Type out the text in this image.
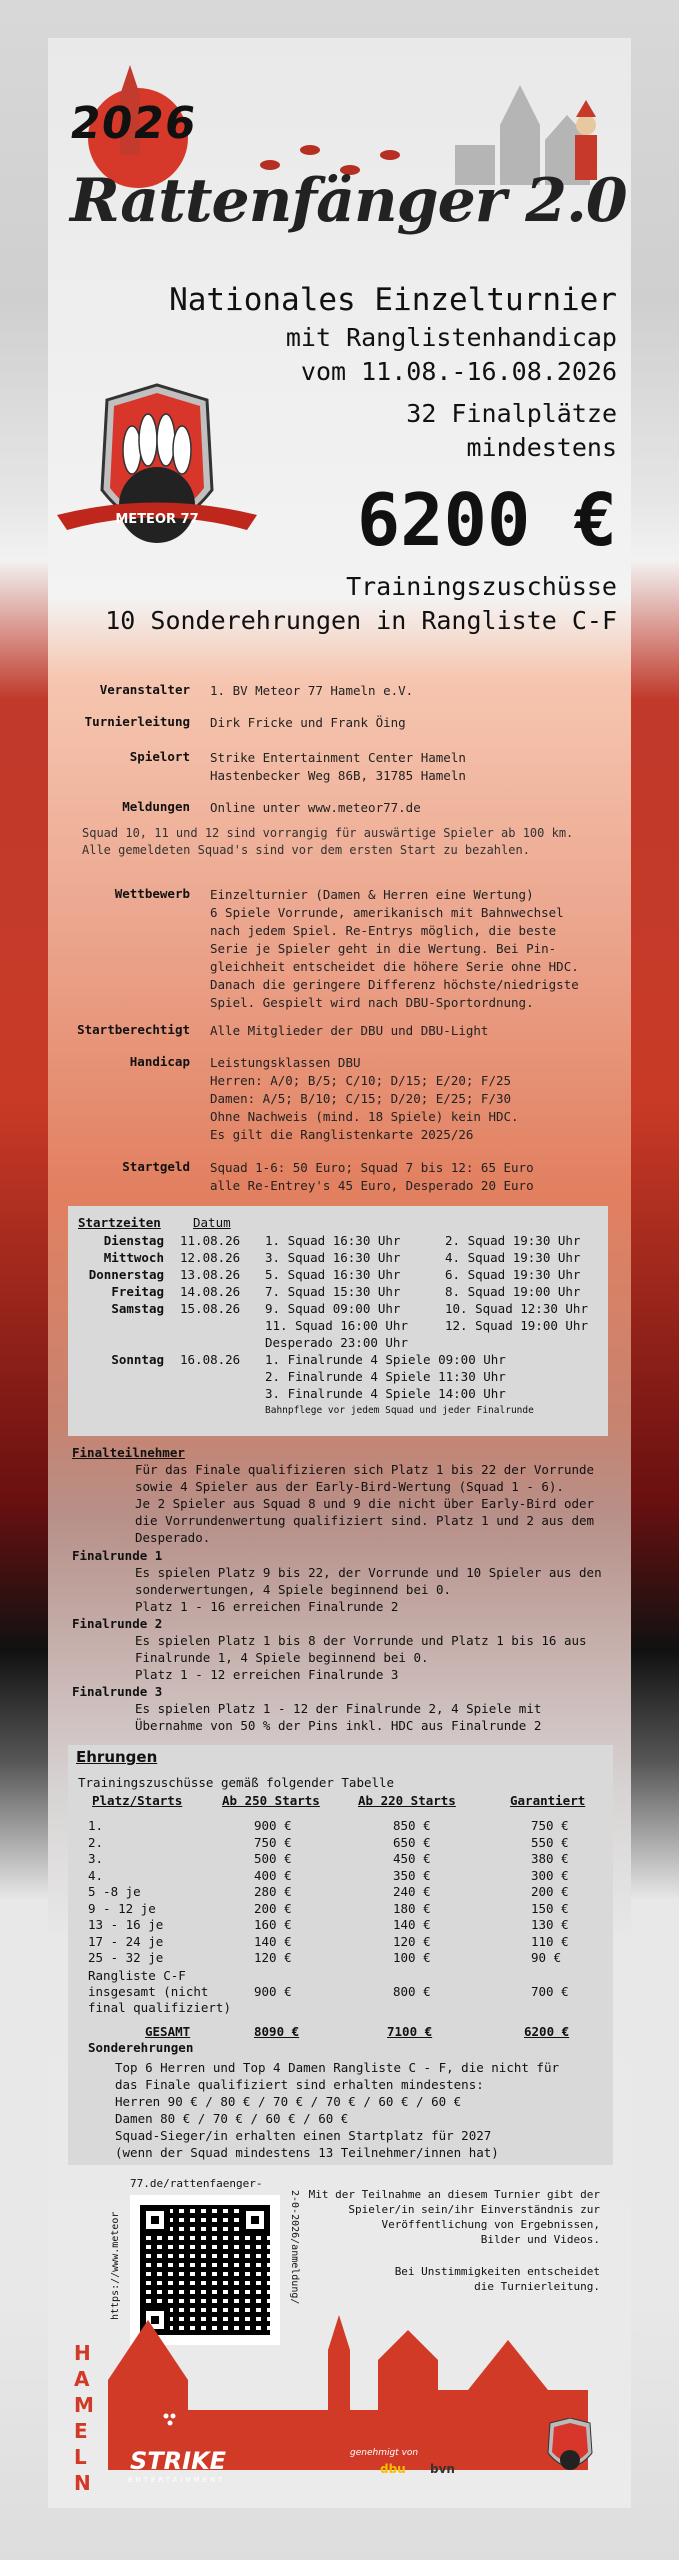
2026
Rattenfänger 2.0
Nationales Einzelturnier
mit Ranglistenhandicap
vom 11.08.-16.08.2026
32 Finalplätze
mindestens
6200 €
METEOR 77
Trainingszuschüsse
10 Sonderehrungen in Rangliste C-F
Veranstalter 1. BV Meteor 77 Hameln e.V.
Turnierleitung Dirk Fricke und Frank Öing
Spielort Strike Entertainment Center Hameln
Hastenbecker Weg 86B, 31785 Hameln
Meldungen Online unter www.meteor77.de
Squad 10, 11 und 12 sind vorrangig für auswärtige Spieler ab 100 km.
Alle gemeldeten Squad's sind vor dem ersten Start zu bezahlen.
Wettbewerb Einzelturnier (Damen & Herren eine Wertung)
6 Spiele Vorrunde, amerikanisch mit Bahnwechsel
nach jedem Spiel. Re-Entrys möglich, die beste
Serie je Spieler geht in die Wertung. Bei Pin-
gleichheit entscheidet die höhere Serie ohne HDC.
Danach die geringere Differenz höchste/niedrigste
Spiel. Gespielt wird nach DBU-Sportordnung.
Startberechtigt Alle Mitglieder der DBU und DBU-Light
Handicap Leistungsklassen DBU
Herren: A/0; B/5; C/10; D/15; E/20; F/25
Damen: A/5; B/10; C/15; D/20; E/25; F/30
Ohne Nachweis (mind. 18 Spiele) kein HDC.
Es gilt die Ranglistenkarte 2025/26
Startgeld Squad 1-6: 50 Euro; Squad 7 bis 12: 65 Euro
alle Re-Entrey's 45 Euro, Desperado 20 Euro
Startzeiten	Datum
Dienstag 11.08.26 1. Squad 16:30 Uhr	2. Squad 19:30 Uhr
Mittwoch 12.08.26 3. Squad 16:30 Uhr	4. Squad 19:30 Uhr
Donnerstag 13.08.26 5. Squad 16:30 Uhr	6. Squad 19:30 Uhr
Freitag 14.08.26 7. Squad 15:30 Uhr	8. Squad 19:00 Uhr
Samstag 15.08.26 9. Squad 09:00 Uhr	10. Squad 12:30 Uhr
11. Squad 16:00 Uhr	12. Squad 19:00 Uhr
Desperado 23:00 Uhr
Sonntag 16.08.26 1. Finalrunde 4 Spiele 09:00 Uhr
2. Finalrunde 4 Spiele 11:30 Uhr
3. Finalrunde 4 Spiele 14:00 Uhr
Bahnpflege vor jedem Squad und jeder Finalrunde
Finalteilnehmer
Für das Finale qualifizieren sich Platz 1 bis 22 der Vorrunde
sowie 4 Spieler aus der Early-Bird-Wertung (Squad 1 - 6).
Je 2 Spieler aus Squad 8 und 9 die nicht über Early-Bird oder
die Vorrundenwertung qualifiziert sind. Platz 1 und 2 aus dem
Desperado.
Finalrunde 1
Es spielen Platz 9 bis 22, der Vorrunde und 10 Spieler aus den
sonderwertungen, 4 Spiele beginnend bei 0.
Platz 1 - 16 erreichen Finalrunde 2
Finalrunde 2
Es spielen Platz 1 bis 8 der Vorrunde und Platz 1 bis 16 aus
Finalrunde 1, 4 Spiele beginnend bei 0.
Platz 1 - 12 erreichen Finalrunde 3
Finalrunde 3
Es spielen Platz 1 - 12 der Finalrunde 2, 4 Spiele mit
Übernahme von 50 % der Pins inkl. HDC aus Finalrunde 2
Ehrungen
Trainingszuschüsse gemäß folgender Tabelle
Platz/Starts	Ab 250 Starts	Ab 220 Starts	Garantiert
1.	900 €	850 €	750 €
2.	750 €	650 €	550 €
3.	500 €	450 €	380 €
4.	400 €	350 €	300 €
5 -8 je	280 €	240 €	200 €
9 - 12 je	200 €	180 €	150 €
13 - 16 je	160 €	140 €	130 €
17 - 24 je	140 €	120 €	110 €
25 - 32 je	120 €	100 €	90 €
Rangliste C-F
insgesamt (nicht
final qualifiziert)
900 €	800 €	700 €
GESAMT	8090 €	7100 €	6200 €
Sonderehrungen
Top 6 Herren und Top 4 Damen Rangliste C - F, die nicht für
das Finale qualifiziert sind erhalten mindestens:
Herren 90 € / 80 € / 70 € / 70 € / 60 € / 60 €
Damen 80 € / 70 € / 60 € / 60 €
Squad-Sieger/in erhalten einen Startplatz für 2027
(wenn der Squad mindestens 13 Teilnehmer/innen hat)
77.de/rattenfaenger-
https://www.meteor	2-0-2026/anmeldung/ Mit der Teilnahme an diesem Turnier gibt der
Spieler/in sein/ihr Einverständnis zur
Veröffentlichung von Ergebnissen,
Bilder und Videos.
Bei Unstimmigkeiten entscheidet
die Turnierleitung.
HAMELN
STRIKE
ENTERTAINMENT
genehmigt von
dbu bvn
